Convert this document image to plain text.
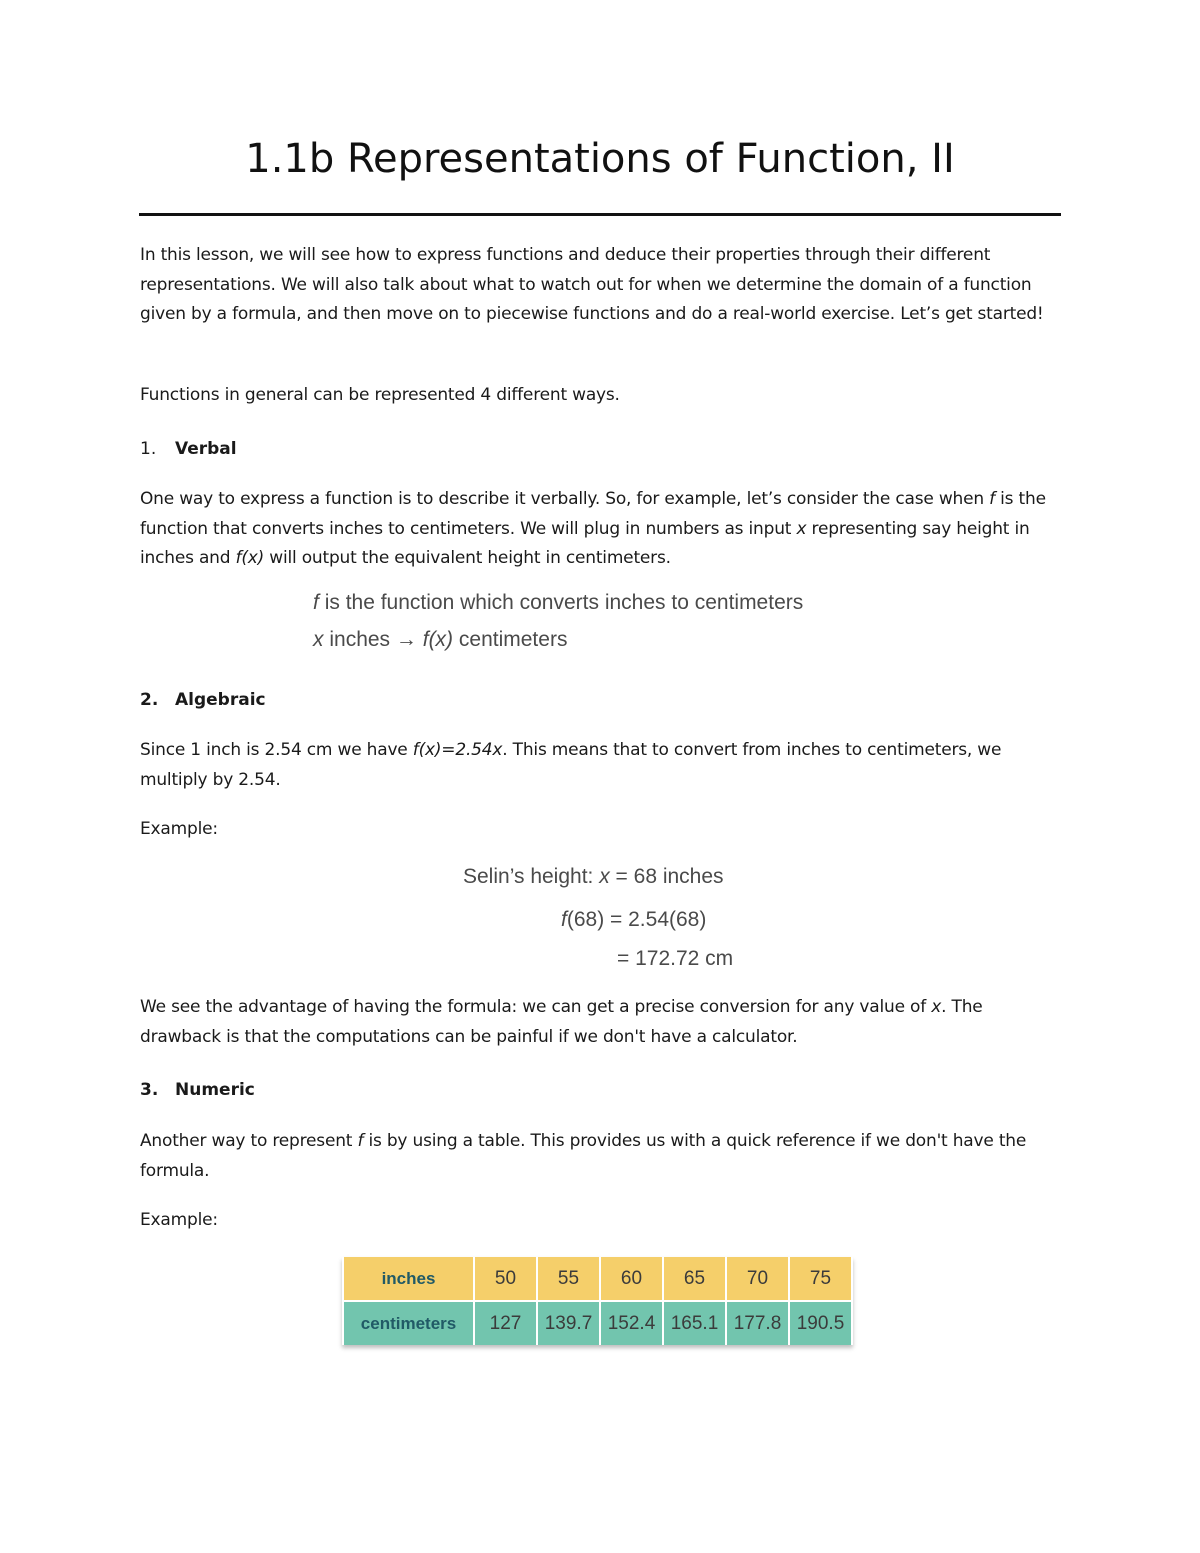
1.1b Representations of Function, II

In this lesson, we will see how to express functions and deduce their properties through their different representations. We will also talk about what to watch out for when we determine the domain of a function given by a formula, and then move on to piecewise functions and do a real-world exercise. Let’s get started!

Functions in general can be represented 4 different ways.

1. Verbal

One way to express a function is to describe it verbally. So, for example, let’s consider the case when f is the function that converts inches to centimeters. We will plug in numbers as input x representing say height in inches and f(x) will output the equivalent height in centimeters.

f is the function which converts inches to centimeters
x inches → f(x) centimeters

2. Algebraic

Since 1 inch is 2.54 cm we have f(x)=2.54x. This means that to convert from inches to centimeters, we multiply by 2.54.

Example:

Selin’s height: x = 68 inches
f(68) = 2.54(68)
= 172.72 cm

We see the advantage of having the formula: we can get a precise conversion for any value of x. The drawback is that the computations can be painful if we don't have a calculator.

3. Numeric

Another way to represent f is by using a table. This provides us with a quick reference if we don't have the formula.

Example:

inches	50	55	60	65	70	75
centimeters	127	139.7	152.4	165.1	177.8	190.5
